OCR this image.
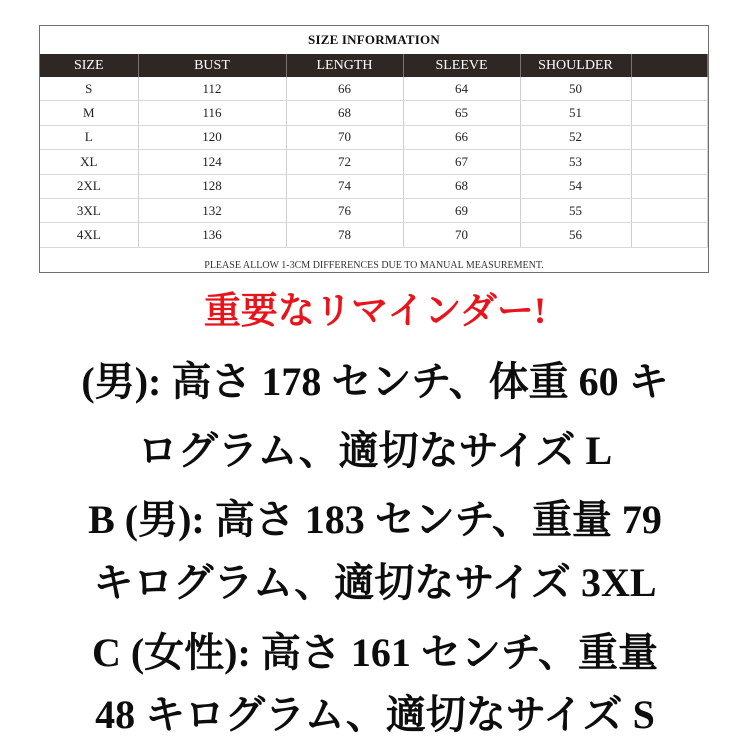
SIZE INFORMATION
SIZE	BUST	LENGTH	SLEEVE	SHOULDER	
S	112	66	64	50	
M	116	68	65	51	
L	120	70	66	52	
XL	124	72	67	53	
2XL	128	74	68	54	
3XL	132	76	69	55	
4XL	136	78	70	56	
PLEASE ALLOW 1-3CM DIFFERENCES DUE TO MANUAL MEASUREMENT.
重要なリマインダー!
(男): 高さ 178 センチ、体重 60 キ
ログラム、適切なサイズ L
B (男): 高さ 183 センチ、重量 79
キログラム、適切なサイズ 3XL
C (女性): 高さ 161 センチ、重量
48 キログラム、適切なサイズ S
